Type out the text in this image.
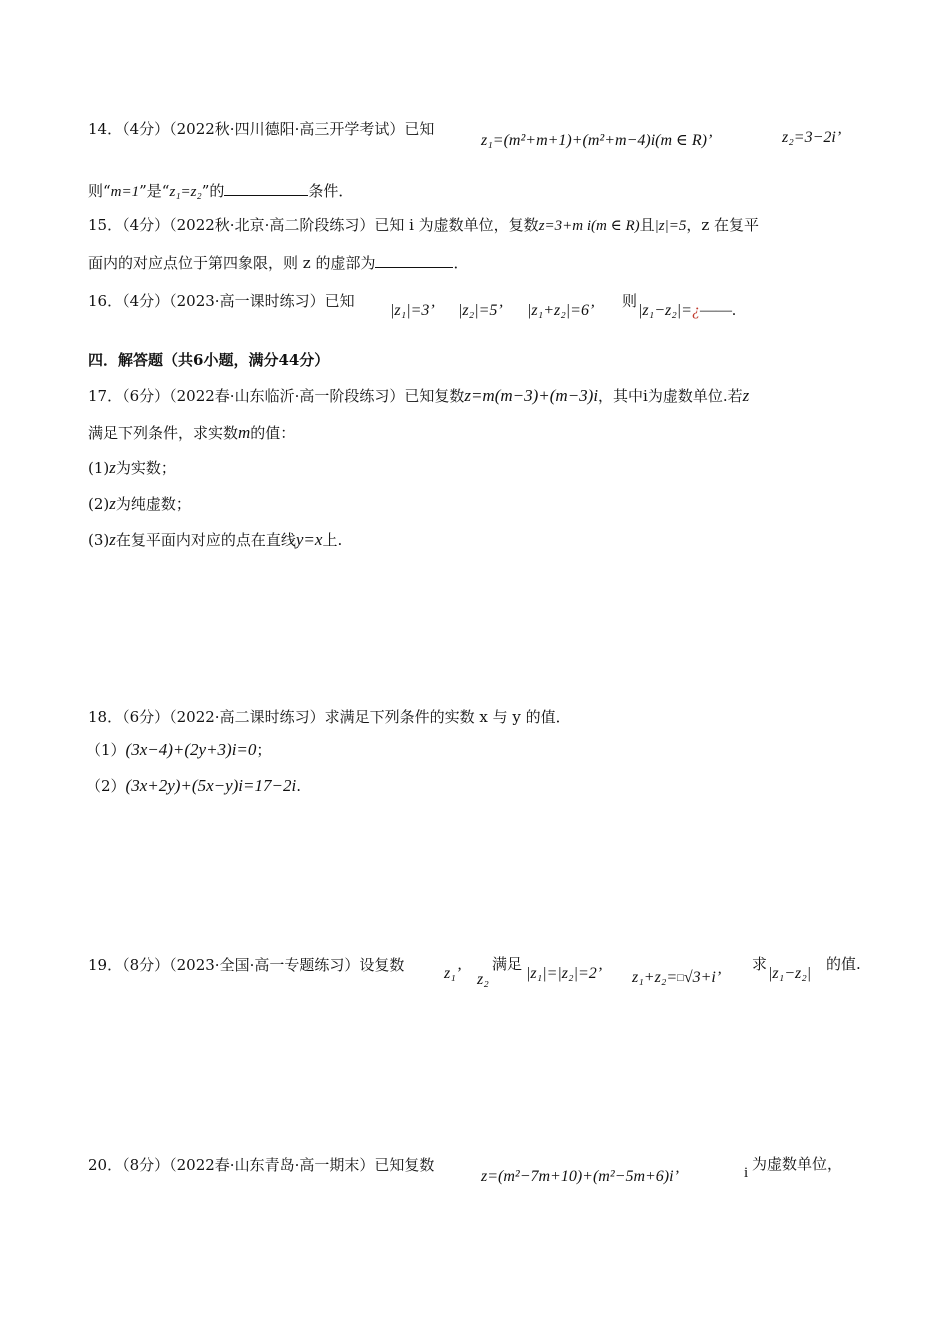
14．（4分）（2022秋·四川德阳·高三开学考试）已知
z₁=(m²+m+1)+(m²+m−4)i(m ∈ R)’	z₂=3−2i’
则“m=1”是“z₁=z₂”的	条件．
15．（4分）（2022秋·北京·高二阶段练习）已知 i 为虚数单位，复数z=3+m i(m ∈ R)且|z|=5，z 在复平
面内的对应点位于第四象限，则 z 的虚部为	．
16．（4分）（2023·高一课时练习）已知
|z₁|=3’ |z₂|=5’ |z₁+z₂|=6’
则
|z₁−z₂|=¿——.
四．解答题（共6小题，满分44分）
17．（6分）（2022春·山东临沂·高一阶段练习）已知复数z=m(m−3)+(m−3)i，其中i为虚数单位.若z
满足下列条件，求实数m的值：
(1)z为实数；
(2)z为纯虚数；
(3)z在复平面内对应的点在直线y=x上.
18．（6分）（2022·高二课时练习）求满足下列条件的实数 x 与 y 的值．
（1）(3x−4)+(2y+3)i=0；
（2）(3x+2y)+(5x−y)i=17−2i.
19．（8分）（2023·全国·高一专题练习）设复数 z₁’ z₂
满足
|z₁|=|z₂|=2’ z₁+z₂=□√3+i’
求
|z₁−z₂|
的值.
20．（8分）（2022春·山东青岛·高一期末）已知复数
z=(m²−7m+10)+(m²−5m+6)i’	i 为虚数单位，
